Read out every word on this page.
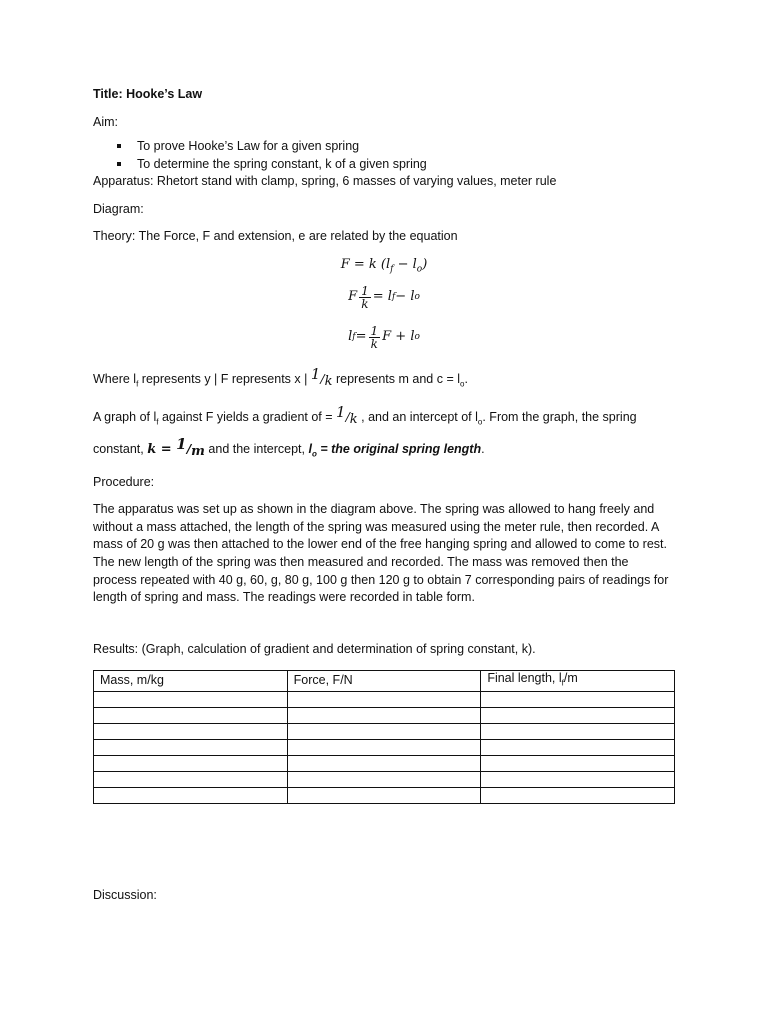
Title: Hooke’s Law

Aim:

To prove Hooke’s Law for a given spring
To determine the spring constant, k of a given spring

Apparatus: Rhetort stand with clamp, spring, 6 masses of varying values, meter rule

Diagram:

Theory: The Force, F and extension, e are related by the equation

F = k $(l_f - l_o)$
F $\frac{1}{k} = l$ f − l o
l $f = \frac{1}{k}$ F + l o

Where $l_f$ represents y | F represents x | 1/k represents m and $c = l_o$.

A graph of $l_f$ against F yields a gradient of = 1/k , and an intercept of $l_o$. From the graph, the spring constant, k = 1/m and the intercept, $l_o$ = the original spring length.

Procedure:

The apparatus was set up as shown in the diagram above. The spring was allowed to hang freely and without a mass attached, the length of the spring was measured using the meter rule, then recorded. A mass of 20 g was then attached to the lower end of the free hanging spring and allowed to come to rest. The new length of the spring was then measured and recorded. The mass was removed then the process repeated with 40 g, 60, g, 80 g, 100 g then 120 g to obtain 7 corresponding pairs of readings for length of spring and mass. The readings were recorded in table form.

Results: (Graph, calculation of gradient and determination of spring constant, k).

Mass, m/kg	Force, F/N	Final length, $l_f/m$

Discussion:
